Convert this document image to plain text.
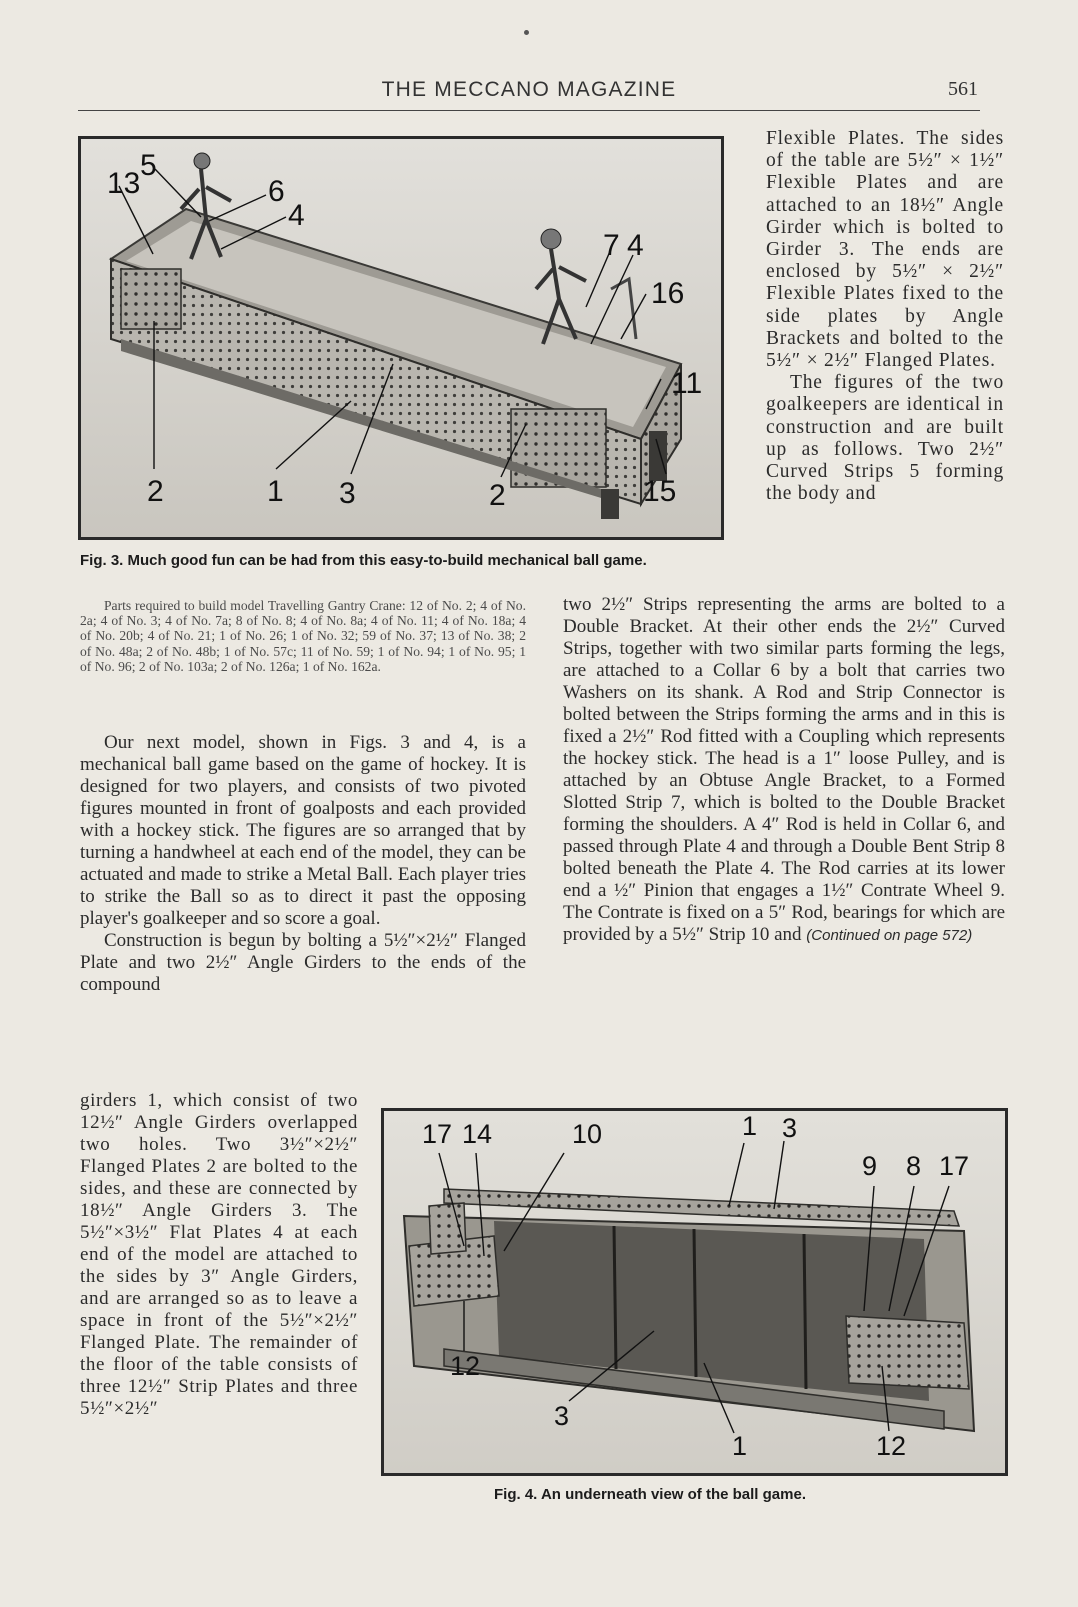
THE MECCANO MAGAZINE	561
13
5
6
4
7 4
16
11
2	1 3	2	15
Fig. 3. Much good fun can be had from this easy-to-build mechanical ball game.

Flexible Plates. The sides of the table are 5½″ × 1½″ Flexible Plates and are attached to an 18½″ Angle Girder which is bolted to Girder 3. The ends are enclosed by 5½″ × 2½″ Flexible Plates fixed to the side plates by Angle Brackets and bolted to the 5½″ × 2½″ Flanged Plates.

The figures of the two goalkeepers are identical in construction and are built up as follows. Two 2½″ Curved Strips 5 forming the body and

Parts required to build model Travelling Gantry Crane: 12 of No. 2; 4 of No. 2a; 4 of No. 3; 4 of No. 7a; 8 of No. 8; 4 of No. 8a; 4 of No. 11; 4 of No. 18a; 4 of No. 20b; 4 of No. 21; 1 of No. 26; 1 of No. 32; 59 of No. 37; 13 of No. 38; 2 of No. 48a; 2 of No. 48b; 1 of No. 57c; 11 of No. 59; 1 of No. 94; 1 of No. 95; 1 of No. 96; 2 of No. 103a; 2 of No. 126a; 1 of No. 162a.

Our next model, shown in Figs. 3 and 4, is a mechanical ball game based on the game of hockey. It is designed for two players, and consists of two pivoted figures mounted in front of goalposts and each provided with a hockey stick. The figures are so arranged that by turning a handwheel at each end of the model, they can be actuated and made to strike a Metal Ball. Each player tries to strike the Ball so as to direct it past the opposing player's goalkeeper and so score a goal.

Construction is begun by bolting a 5½″×2½″ Flanged Plate and two 2½″ Angle Girders to the ends of the compound

girders 1, which consist of two 12½″ Angle Girders overlapped two holes. Two 3½″×2½″ Flanged Plates 2 are bolted to the sides, and these are connected by 18½″ Angle Girders 3. The 5½″×3½″ Flat Plates 4 at each end of the model are attached to the sides by 3″ Angle Girders, and are arranged so as to leave a space in front of the 5½″×2½″ Flanged Plate. The remainder of the floor of the table consists of three 12½″ Strip Plates and three 5½″×2½″

two 2½″ Strips representing the arms are bolted to a Double Bracket. At their other ends the 2½″ Curved Strips, together with two similar parts forming the legs, are attached to a Collar 6 by a bolt that carries two Washers on its shank. A Rod and Strip Connector is bolted between the Strips forming the arms and in this is fixed a 2½″ Rod fitted with a Coupling which represents the hockey stick. The head is a 1″ loose Pulley, and is attached by an Obtuse Angle Bracket, to a Formed Slotted Strip 7, which is bolted to the Double Bracket forming the shoulders. A 4″ Rod is held in Collar 6, and passed through Plate 4 and through a Double Bent Strip 8 bolted beneath the Plate 4. The Rod carries at its lower end a ½″ Pinion that engages a 1½″ Contrate Wheel 9. The Contrate is fixed on a 5″ Rod, bearings for which are provided by a 5½″ Strip 10 and (Continued on page 572)

17 14	10	1 3
9 8 17
12
3
1	12
Fig. 4. An underneath view of the ball game.
